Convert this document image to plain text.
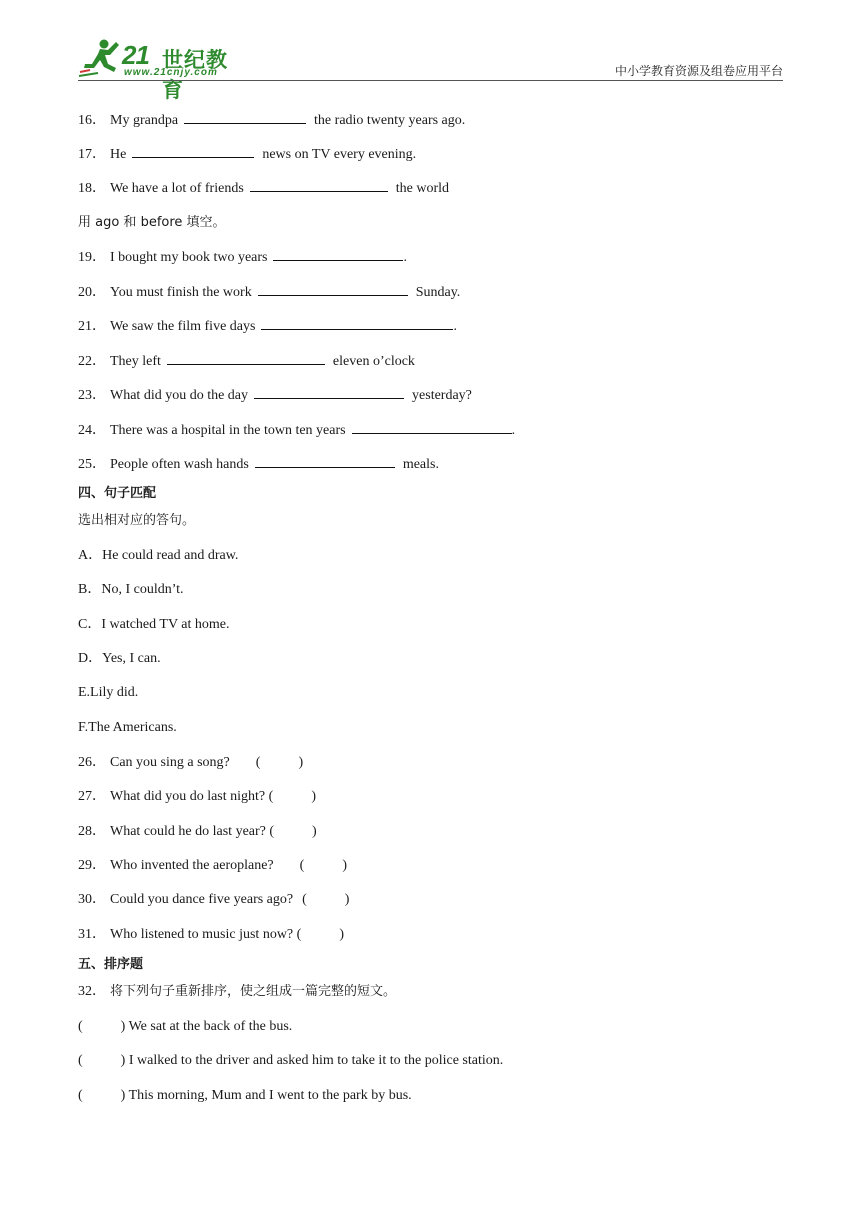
21 世纪教育
www.21cnjy.com	中小学教育资源及组卷应用平台
16． My grandpa	the radio twenty years ago.
17． He	news on TV every evening.
18． We have a lot of friends	the world
用 ago 和 before 填空。
19． I bought my book two years	.
20． You must finish the work	Sunday.
21． We saw the film five days	.
22． They left	eleven o’clock
23． What did you do the day	yesterday?
24． There was a hospital in the town ten years	.
25． People often wash hands	meals.
四、句子匹配
选出相对应的答句。
A．He could read and draw.
B．No, I couldn’t.
C．I watched TV at home.
D．Yes, I can.
E.Lily did.
F.The Americans.
26． Can you sing a song? (	)
27． What did you do last night? (	)
28． What could he do last year? (	)
29． Who invented the aeroplane? (	)
30． Could you dance five years ago? (	)
31． Who listened to music just now? (	)
五、排序题
32． 将下列句子重新排序，使之组成一篇完整的短文。
(	) We sat at the back of the bus.
(	) I walked to the driver and asked him to take it to the police station.
(	) This morning, Mum and I went to the park by bus.
